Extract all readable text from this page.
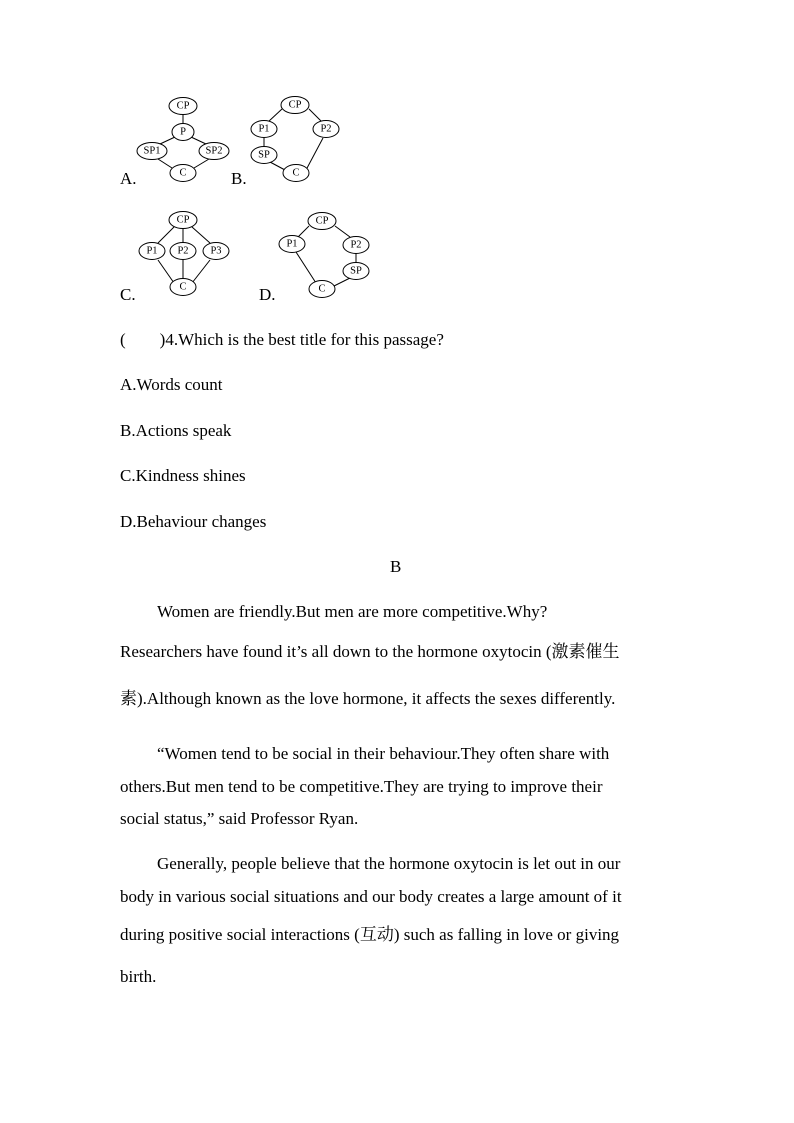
CP
P
SP1	SP2
C
CP
P1	P2
SP
C
CP
P1 P2 P3
C
CP
P1	P2
SP
C
A.	B.
C.	D.
(　　)4.Which is the best title for this passage?
A.Words count
B.Actions speak
C.Kindness shines
D.Behaviour changes
B
Women are friendly.But men are more competitive.Why?
Researchers have found it’s all down to the hormone oxytocin (激素催生
素).Although known as the love hormone, it affects the sexes differently.
“Women tend to be social in their behaviour.They often share with
others.But men tend to be competitive.They are trying to improve their
social status,” said Professor Ryan.
Generally, people believe that the hormone oxytocin is let out in our
body in various social situations and our body creates a large amount of it
during positive social interactions (互动) such as falling in love or giving
birth.
